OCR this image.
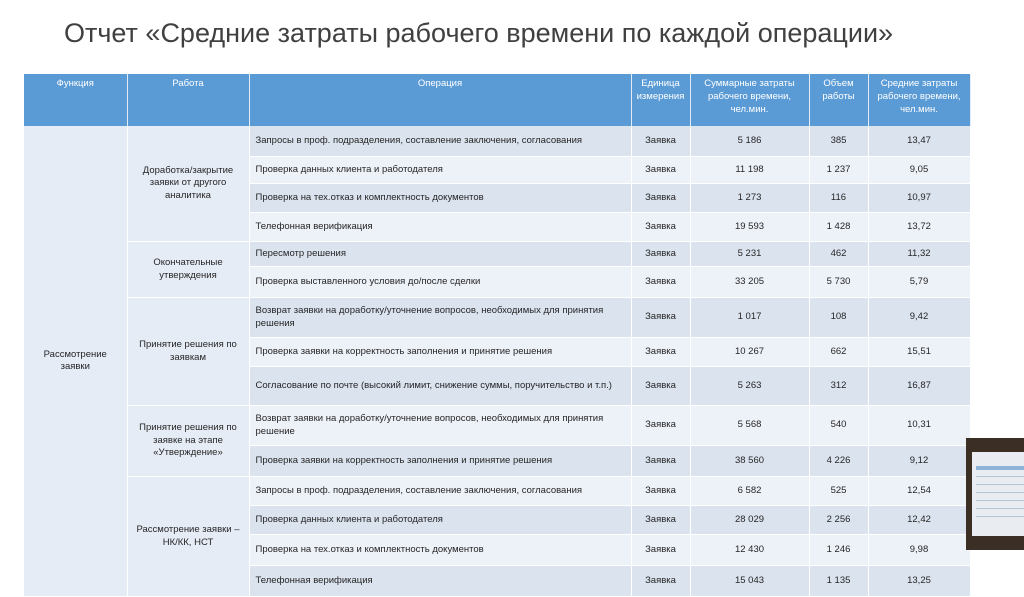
Отчет «Средние затраты рабочего времени по каждой операции»
Функция	Работа	Операция	Единица измерения	Суммарные затраты рабочего времени, чел.мин.	Объем работы	Средние затраты рабочего времени, чел.мин.
Рассмотрение заявки	Доработка/закрытие заявки от другого аналитика	Запросы в проф. подразделения, составление заключения, согласования	Заявка	5 186	385	13,47
		Проверка данных клиента и работодателя	Заявка	11 198	1 237	9,05
		Проверка на тех.отказ и комплектность документов	Заявка	1 273	116	10,97
		Телефонная верификация	Заявка	19 593	1 428	13,72
	Окончательные утверждения	Пересмотр решения	Заявка	5 231	462	11,32
		Проверка выставленного условия до/после сделки	Заявка	33 205	5 730	5,79
	Принятие решения по заявкам	Возврат заявки на доработку/уточнение вопросов, необходимых для принятия решения	Заявка	1 017	108	9,42
		Проверка заявки на корректность заполнения и принятие решения	Заявка	10 267	662	15,51
		Согласование по почте (высокий лимит, снижение суммы, поручительство и т.п.)	Заявка	5 263	312	16,87
	Принятие решения по заявке на этапе «Утверждение»	Возврат заявки на доработку/уточнение вопросов, необходимых для принятия решение	Заявка	5 568	540	10,31
		Проверка заявки на корректность заполнения и принятие решения	Заявка	38 560	4 226	9,12
	Рассмотрение заявки – НК/КК, НСТ	Запросы в проф. подразделения, составление заключения, согласования	Заявка	6 582	525	12,54
		Проверка данных клиента и работодателя	Заявка	28 029	2 256	12,42
		Проверка на тех.отказ и комплектность документов	Заявка	12 430	1 246	9,98
		Телефонная верификация	Заявка	15 043	1 135	13,25
